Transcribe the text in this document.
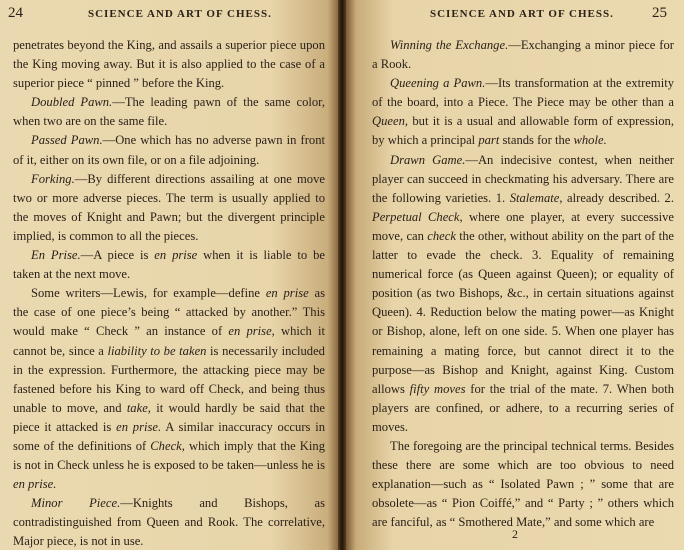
24	SCIENCE AND ART OF CHESS.

penetrates beyond the King, and assails a superior piece upon the King moving away. But it is also applied to the case of a superior piece “ pinned ” before the King.

Doubled Pawn.—The leading pawn of the same color, when two are on the same file.

Passed Pawn.—One which has no adverse pawn in front of it, either on its own file, or on a file adjoining.

Forking.—By different directions assailing at one move two or more adverse pieces. The term is usually applied to the moves of Knight and Pawn; but the divergent principle implied, is common to all the pieces.

En Prise.—A piece is en prise when it is liable to be taken at the next move.

Some writers—Lewis, for example—define en prise as the case of one piece’s being “ attacked by another.” This would make “ Check ” an instance of en prise, which it cannot be, since a liability to be taken is necessarily included in the expression. Furthermore, the attacking piece may be fastened before his King to ward off Check, and being thus unable to move, and take, it would hardly be said that the piece it attacked is en prise. A similar inaccuracy occurs in some of the definitions of Check, which imply that the King is not in Check unless he is exposed to be taken—unless he is en prise.

Minor Piece.—Knights and Bishops, as contradistinguished from Queen and Rook. The correlative, Major piece, is not in use.

SCIENCE AND ART OF CHESS.	25

Winning the Exchange.—Exchanging a minor piece for a Rook.

Queening a Pawn.—Its transformation at the extremity of the board, into a Piece. The Piece may be other than a Queen, but it is a usual and allowable form of expression, by which a principal part stands for the whole.

Drawn Game.—An indecisive contest, when neither player can succeed in checkmating his adversary. There are the following varieties. 1. Stalemate, already described. 2. Perpetual Check, where one player, at every successive move, can check the other, without ability on the part of the latter to evade the check. 3. Equality of remaining numerical force (as Queen against Queen); or equality of position (as two Bishops, &c., in certain situations against Queen). 4. Reduction below the mating power—as Knight or Bishop, alone, left on one side. 5. When one player has remaining a mating force, but cannot direct it to the purpose—as Bishop and Knight, against King. Custom allows fifty moves for the trial of the mate. 7. When both players are confined, or adhere, to a recurring series of moves.

The foregoing are the principal technical terms. Besides these there are some which are too obvious to need explanation—such as “ Isolated Pawn ; ” some that are obsolete—as “ Pion Coiffé,” and “ Party ; ” others which are fanciful, as “ Smothered Mate,” and some which are

2
